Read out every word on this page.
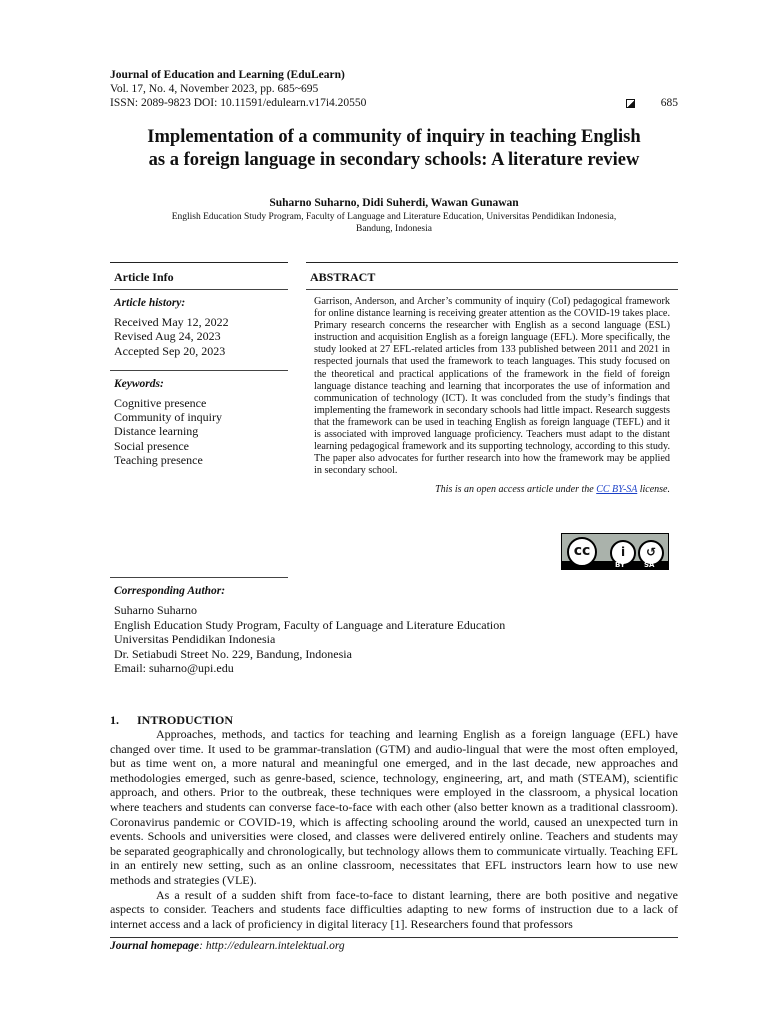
Journal of Education and Learning (EduLearn)
Vol. 17, No. 4, November 2023, pp. 685~695
ISSN: 2089-9823 DOI: 10.11591/edulearn.v17i4.20550	685
Implementation of a community of inquiry in teaching English
as a foreign language in secondary schools: A literature review
Suharno Suharno, Didi Suherdi, Wawan Gunawan
English Education Study Program, Faculty of Language and Literature Education, Universitas Pendidikan Indonesia,
Bandung, Indonesia
Article Info
Article history:
Received May 12, 2022
Revised Aug 24, 2023
Accepted Sep 20, 2023
Keywords:
Cognitive presence
Community of inquiry
Distance learning
Social presence
Teaching presence
ABSTRACT
Garrison, Anderson, and Archer’s community of inquiry (CoI) pedagogical framework for online distance learning is receiving greater attention as the COVID-19 takes place. Primary research concerns the researcher with English as a second language (ESL) instruction and acquisition English as a foreign language (EFL). More specifically, the study looked at 27 EFL-related articles from 133 published between 2011 and 2021 in respected journals that used the framework to teach languages. This study focused on the theoretical and practical applications of the framework in the field of foreign language distance teaching and learning that incorporates the use of information and communication of technology (ICT). It was concluded from the study’s findings that implementing the framework in secondary schools had little impact. Research suggests that the framework can be used in teaching English as foreign language (TEFL) and it is associated with improved language proficiency. Teachers must adapt to the distant learning pedagogical framework and its supporting technology, according to this study. The paper also advocates for further research into how the framework may be applied in secondary school.
This is an open access article under the CC BY-SA license.
cc	i	↺
BY	SA
Corresponding Author:
Suharno Suharno
English Education Study Program, Faculty of Language and Literature Education
Universitas Pendidikan Indonesia
Dr. Setiabudi Street No. 229, Bandung, Indonesia
Email: suharno@upi.edu
1. INTRODUCTION

Approaches, methods, and tactics for teaching and learning English as a foreign language (EFL) have changed over time. It used to be grammar-translation (GTM) and audio-lingual that were the most often employed, but as time went on, a more natural and meaningful one emerged, and in the last decade, new approaches and methodologies emerged, such as genre-based, science, technology, engineering, art, and math (STEAM), scientific approach, and others. Prior to the outbreak, these techniques were employed in the classroom, a physical location where teachers and students can converse face-to-face with each other (also better known as a traditional classroom). Coronavirus pandemic or COVID-19, which is affecting schooling around the world, caused an unexpected turn in events. Schools and universities were closed, and classes were delivered entirely online. Teachers and students may be separated geographically and chronologically, but technology allows them to communicate virtually. Teaching EFL in an entirely new setting, such as an online classroom, necessitates that EFL instructors learn how to use new methods and strategies (VLE).

As a result of a sudden shift from face-to-face to distant learning, there are both positive and negative aspects to consider. Teachers and students face difficulties adapting to new forms of instruction due to a lack of internet access and a lack of proficiency in digital literacy [1]. Researchers found that professors

Journal homepage: http://edulearn.intelektual.org
